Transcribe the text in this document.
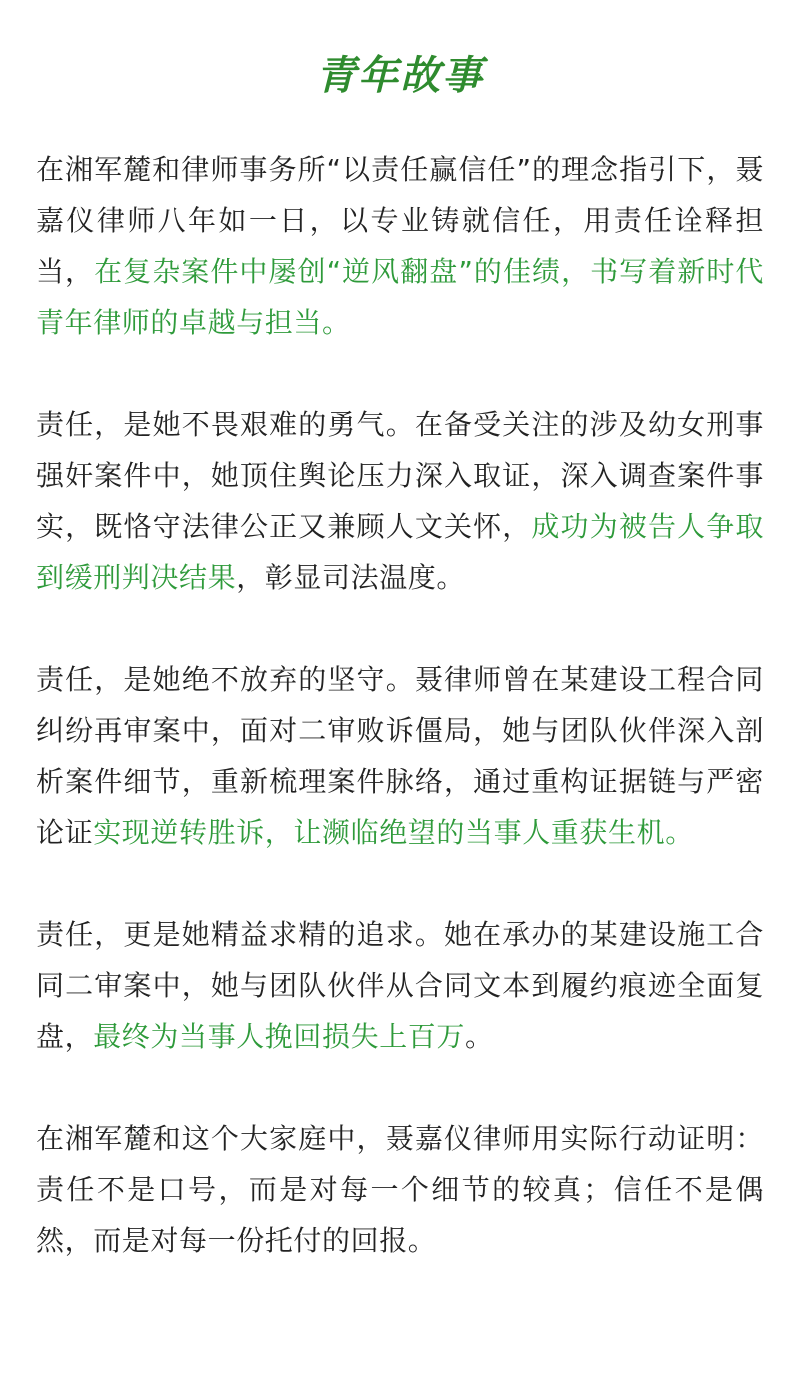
青年故事

在湘军麓和律师事务所“以责任赢信任”的理念指引下，聂嘉仪律师八年如一日，以专业铸就信任，用责任诠释担当，在复杂案件中屡创“逆风翻盘”的佳绩，书写着新时代青年律师的卓越与担当。

责任，是她不畏艰难的勇气。在备受关注的涉及幼女刑事强奸案件中，她顶住舆论压力深入取证，深入调查案件事实，既恪守法律公正又兼顾人文关怀，成功为被告人争取到缓刑判决结果，彰显司法温度。

责任，是她绝不放弃的坚守。聂律师曾在某建设工程合同纠纷再审案中，面对二审败诉僵局，她与团队伙伴深入剖析案件细节，重新梳理案件脉络，通过重构证据链与严密论证实现逆转胜诉，让濒临绝望的当事人重获生机。

责任，更是她精益求精的追求。她在承办的某建设施工合同二审案中，她与团队伙伴从合同文本到履约痕迹全面复盘，最终为当事人挽回损失上百万。

在湘军麓和这个大家庭中，聂嘉仪律师用实际行动证明：责任不是口号，而是对每一个细节的较真；信任不是偶然，而是对每一份托付的回报。
